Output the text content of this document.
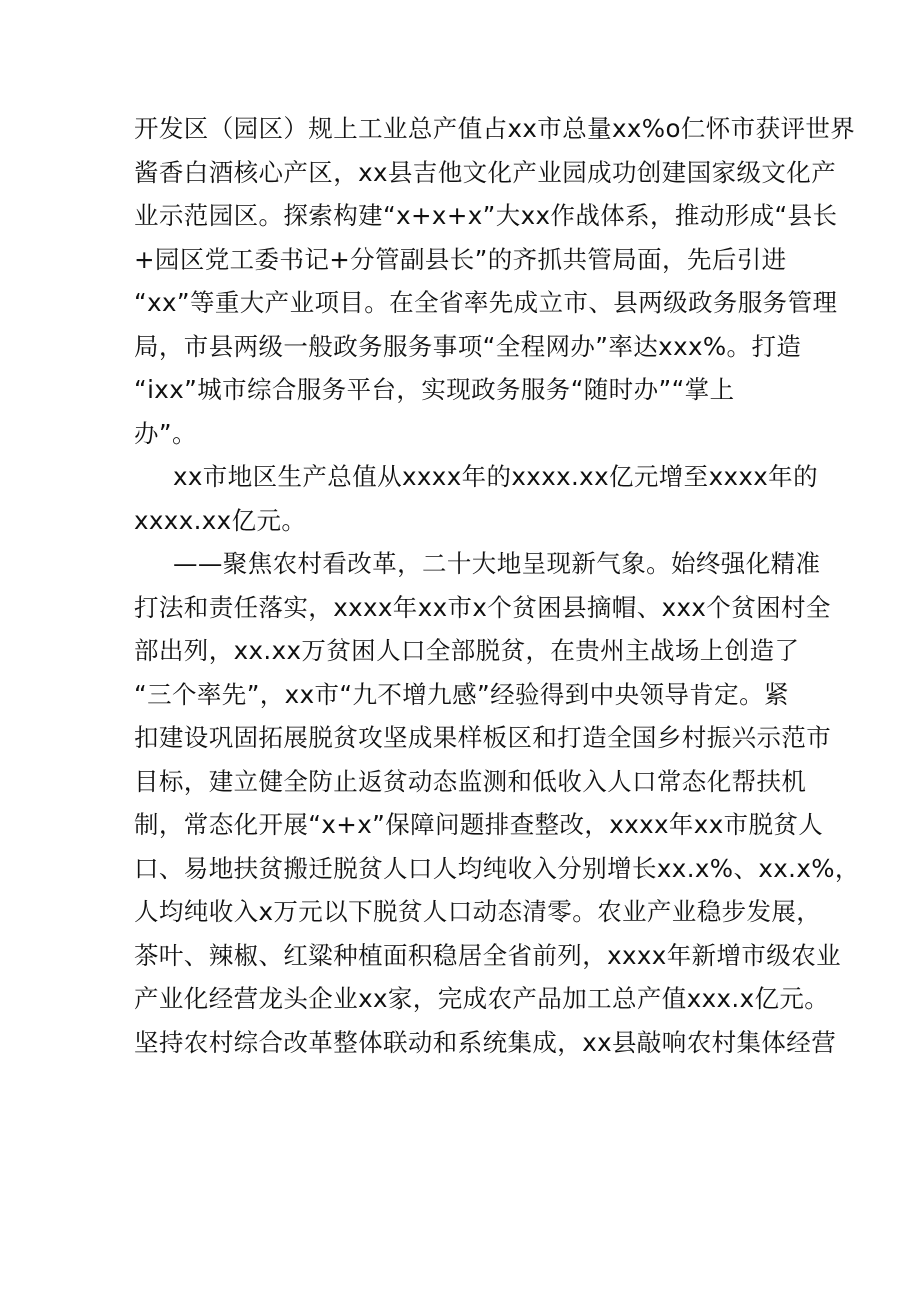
开发区（园区）规上工业总产值占xx市总量xx%o仁怀市获评世界
酱香白酒核心产区，xx县吉他文化产业园成功创建国家级文化产
业示范园区。探索构建“x+x+x”大xx作战体系，推动形成“县长
+园区党工委书记+分管副县长”的齐抓共管局面，先后引进
“xx”等重大产业项目。在全省率先成立市、县两级政务服务管理
局，市县两级一般政务服务事项“全程网办”率达xxx%。打造
“ixx”城市综合服务平台，实现政务服务“随时办”“掌上
办”。
xx市地区生产总值从xxxx年的xxxx.xx亿元增至xxxx年的
xxxx.xx亿元。
——聚焦农村看改革，二十大地呈现新气象。始终强化精准
打法和责任落实，xxxx年xx市x个贫困县摘帽、xxx个贫困村全
部出列，xx.xx万贫困人口全部脱贫，在贵州主战场上创造了
“三个率先”，xx市“九不增九感”经验得到中央领导肯定。紧
扣建设巩固拓展脱贫攻坚成果样板区和打造全国乡村振兴示范市
目标，建立健全防止返贫动态监测和低收入人口常态化帮扶机
制，常态化开展“x+x”保障问题排查整改，xxxx年xx市脱贫人
口、易地扶贫搬迁脱贫人口人均纯收入分别增长xx.x%、xx.x%，
人均纯收入x万元以下脱贫人口动态清零。农业产业稳步发展，
茶叶、辣椒、红粱种植面积稳居全省前列，xxxx年新增市级农业
产业化经营龙头企业xx家，完成农产品加工总产值xxx.x亿元。
坚持农村综合改革整体联动和系统集成，xx县敲响农村集体经营
